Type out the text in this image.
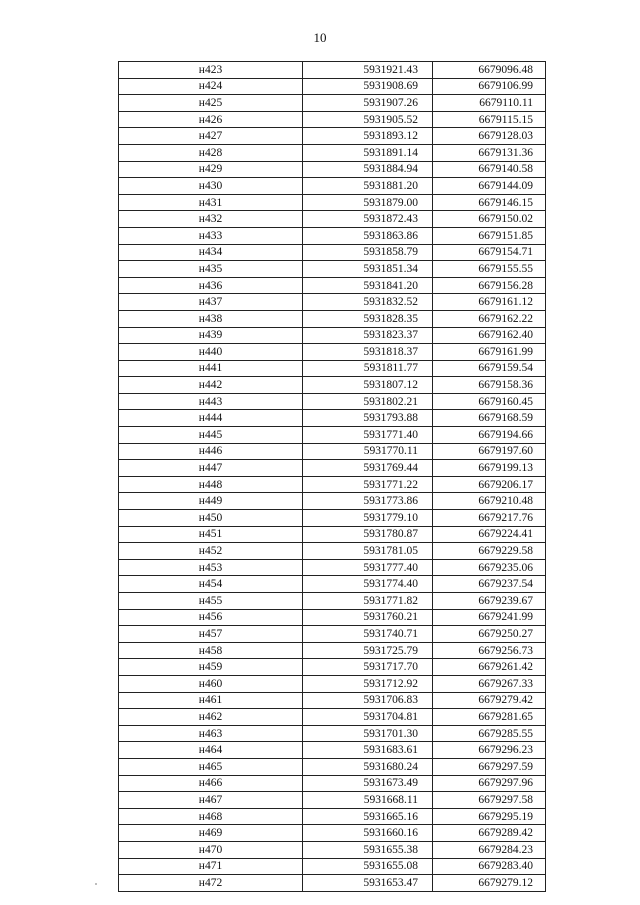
10
н423	5931921.43	6679096.48
н424	5931908.69	6679106.99
н425	5931907.26	6679110.11
н426	5931905.52	6679115.15
н427	5931893.12	6679128.03
н428	5931891.14	6679131.36
н429	5931884.94	6679140.58
н430	5931881.20	6679144.09
н431	5931879.00	6679146.15
н432	5931872.43	6679150.02
н433	5931863.86	6679151.85
н434	5931858.79	6679154.71
н435	5931851.34	6679155.55
н436	5931841.20	6679156.28
н437	5931832.52	6679161.12
н438	5931828.35	6679162.22
н439	5931823.37	6679162.40
н440	5931818.37	6679161.99
н441	5931811.77	6679159.54
н442	5931807.12	6679158.36
н443	5931802.21	6679160.45
н444	5931793.88	6679168.59
н445	5931771.40	6679194.66
н446	5931770.11	6679197.60
н447	5931769.44	6679199.13
н448	5931771.22	6679206.17
н449	5931773.86	6679210.48
н450	5931779.10	6679217.76
н451	5931780.87	6679224.41
н452	5931781.05	6679229.58
н453	5931777.40	6679235.06
н454	5931774.40	6679237.54
н455	5931771.82	6679239.67
н456	5931760.21	6679241.99
н457	5931740.71	6679250.27
н458	5931725.79	6679256.73
н459	5931717.70	6679261.42
н460	5931712.92	6679267.33
н461	5931706.83	6679279.42
н462	5931704.81	6679281.65
н463	5931701.30	6679285.55
н464	5931683.61	6679296.23
н465	5931680.24	6679297.59
н466	5931673.49	6679297.96
н467	5931668.11	6679297.58
н468	5931665.16	6679295.19
н469	5931660.16	6679289.42
н470	5931655.38	6679284.23
н471	5931655.08	6679283.40
н472	5931653.47	6679279.12
